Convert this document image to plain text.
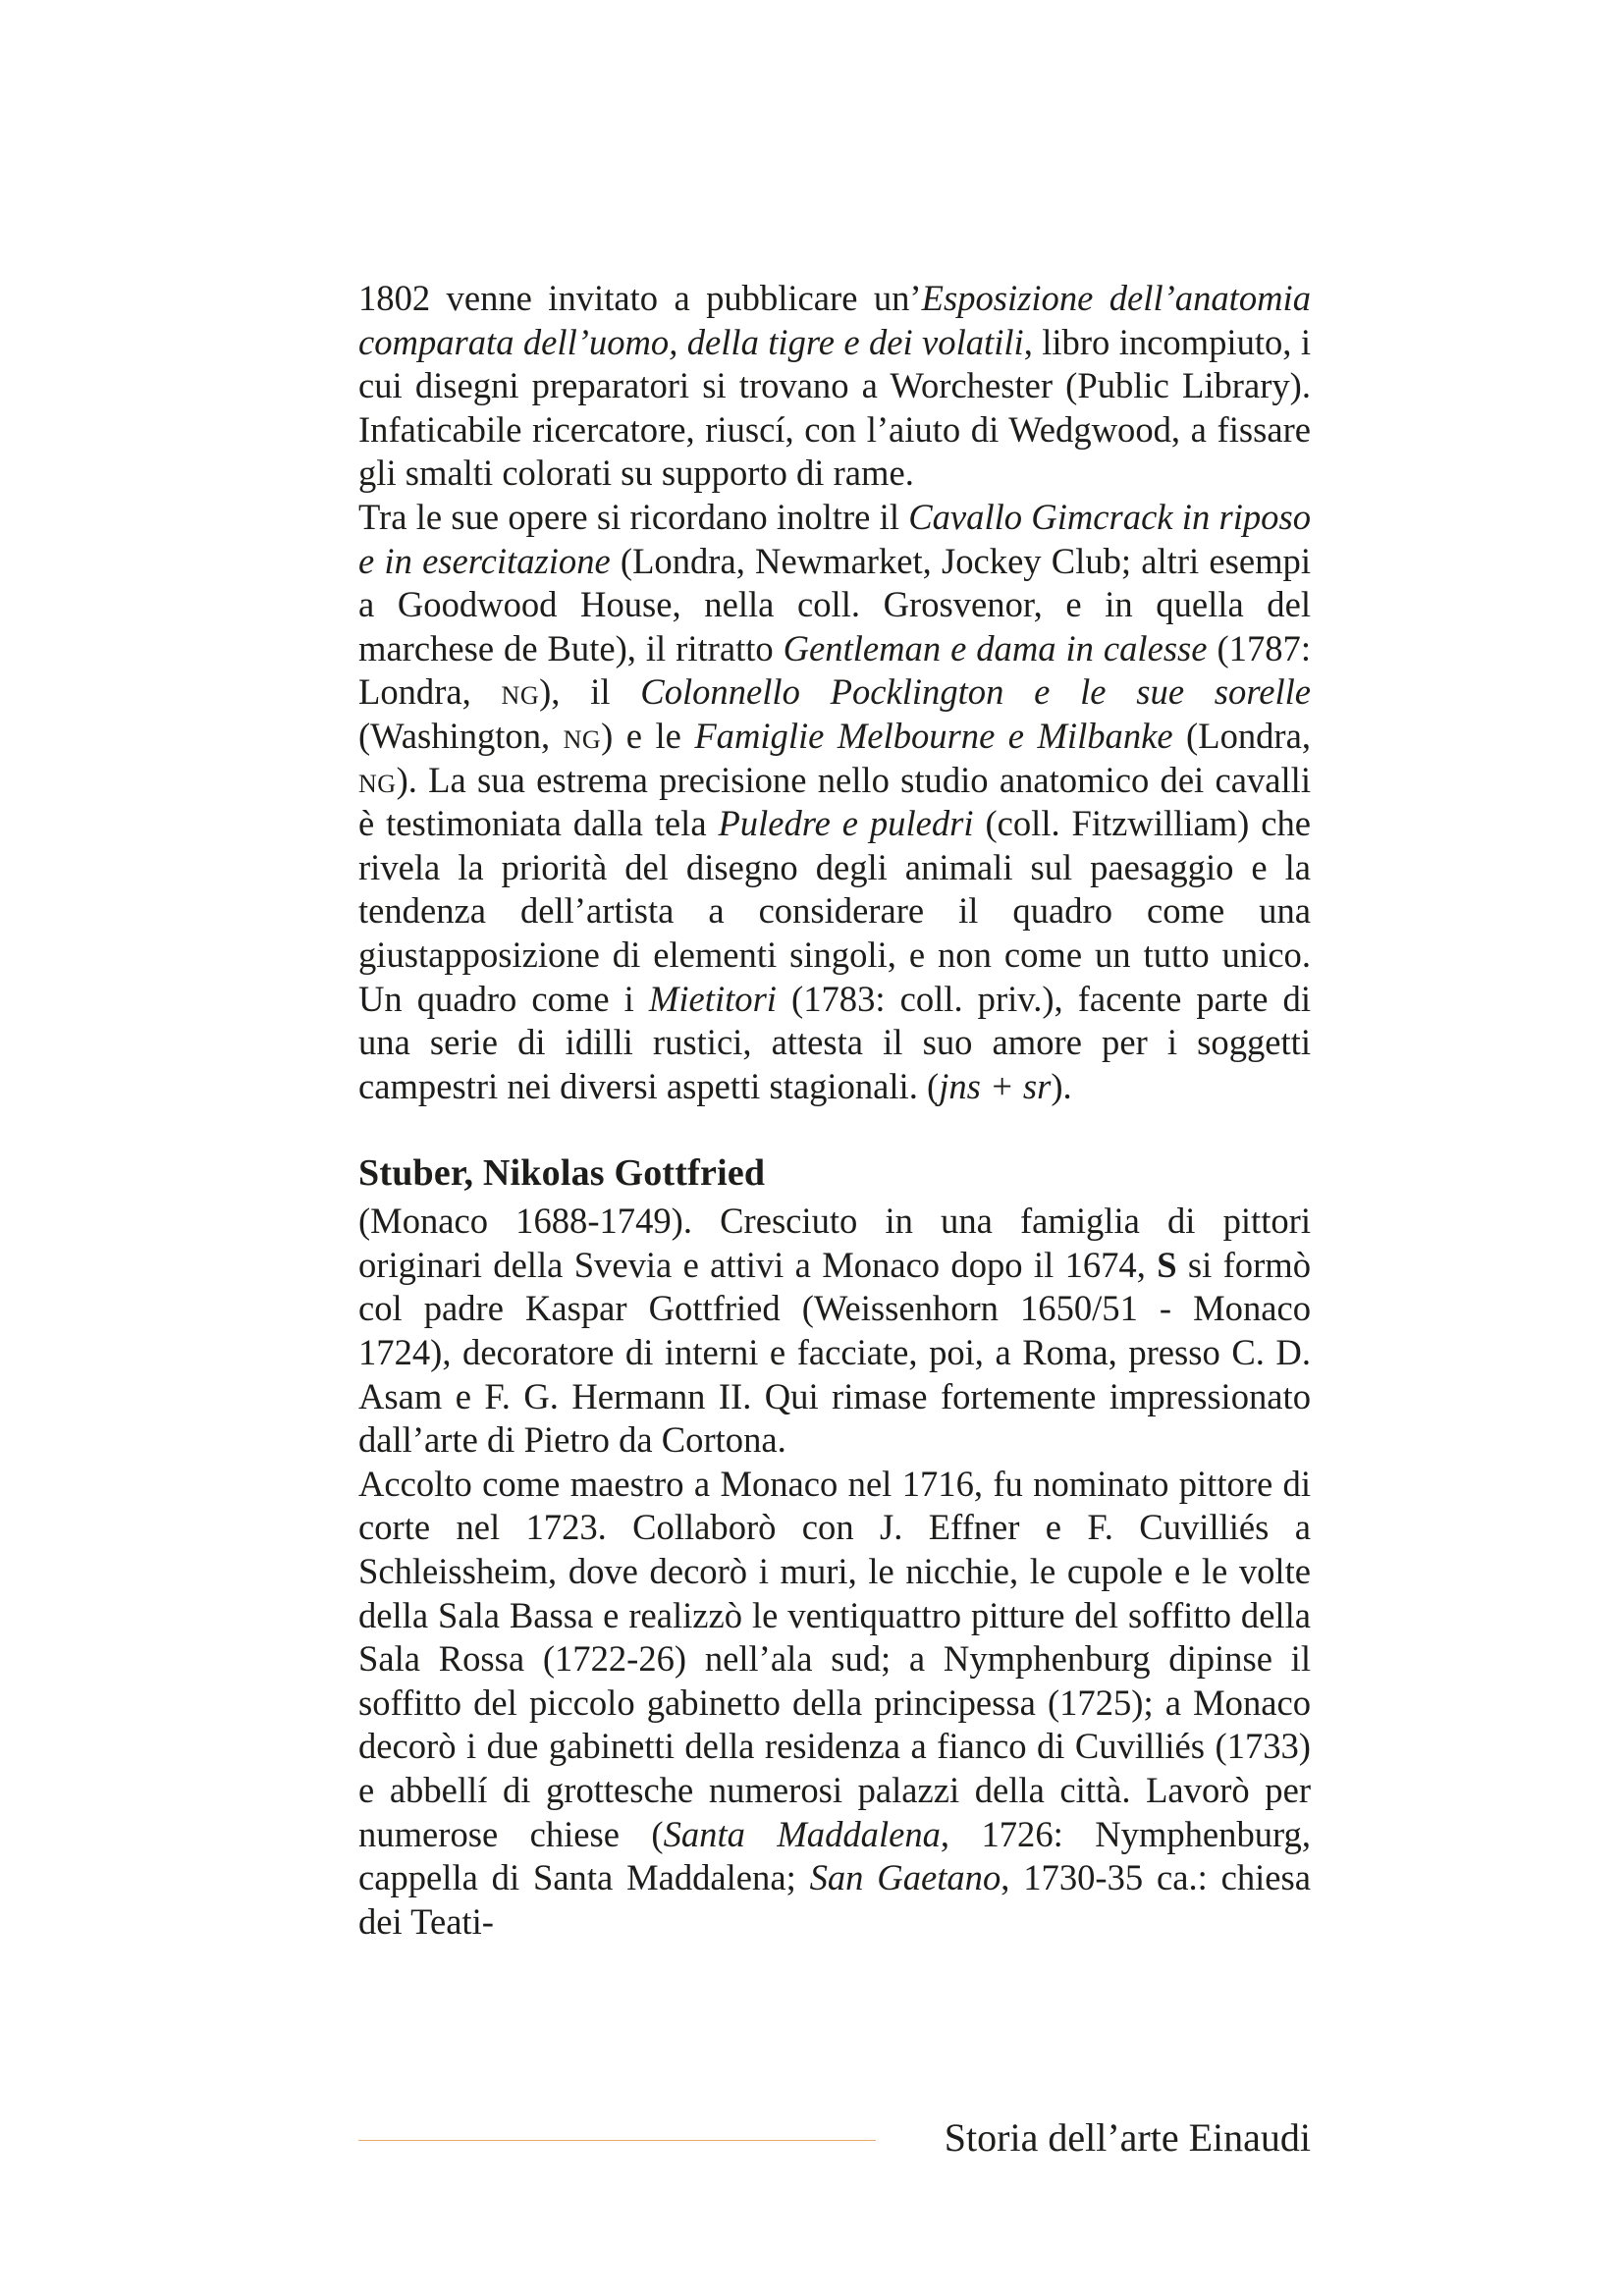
1802 venne invitato a pubblicare un’Esposizione dell’anatomia comparata dell’uomo, della tigre e dei volatili, libro incompiuto, i cui disegni preparatori si trovano a Worchester (Public Library). Infaticabile ricercatore, riuscí, con l’aiuto di Wedgwood, a fissare gli smalti colorati su supporto di rame.

Tra le sue opere si ricordano inoltre il Cavallo Gimcrack in riposo e in esercitazione (Londra, Newmarket, Jockey Club; altri esempi a Goodwood House, nella coll. Grosvenor, e in quella del marchese de Bute), il ritratto Gentleman e dama in calesse (1787: Londra, ng), il Colonnello Pocklington e le sue sorelle (Washington, ng) e le Famiglie Melbourne e Milbanke (Londra, ng). La sua estrema precisione nello studio anatomico dei cavalli è testimoniata dalla tela Puledre e puledri (coll. Fitzwilliam) che rivela la priorità del disegno degli animali sul paesaggio e la tendenza dell’artista a considerare il quadro come una giustapposizione di elementi singoli, e non come un tutto unico. Un quadro come i Mietitori (1783: coll. priv.), facente parte di una serie di idilli rustici, attesta il suo amore per i soggetti campestri nei diversi aspetti stagionali. (jns + sr).

Stuber, Nikolas Gottfried

(Monaco 1688-1749). Cresciuto in una famiglia di pittori originari della Svevia e attivi a Monaco dopo il 1674, S si formò col padre Kaspar Gottfried (Weissenhorn 1650/51 - Monaco 1724), decoratore di interni e facciate, poi, a Roma, presso C. D. Asam e F. G. Hermann II. Qui rimase fortemente impressionato dall’arte di Pietro da Cortona.

Accolto come maestro a Monaco nel 1716, fu nominato pittore di corte nel 1723. Collaborò con J. Effner e F. Cuvilliés a Schleissheim, dove decorò i muri, le nicchie, le cupole e le volte della Sala Bassa e realizzò le ventiquattro pitture del soffitto della Sala Rossa (1722-26) nell’ala sud; a Nymphenburg dipinse il soffitto del piccolo gabinetto della principessa (1725); a Monaco decorò i due gabinetti della residenza a fianco di Cuvilliés (1733) e abbellí di grottesche numerosi palazzi della città. Lavorò per numerose chiese (Santa Maddalena, 1726: Nymphenburg, cappella di Santa Maddalena; San Gaetano, 1730-35 ca.: chiesa dei Teati-

Storia dell’arte Einaudi
